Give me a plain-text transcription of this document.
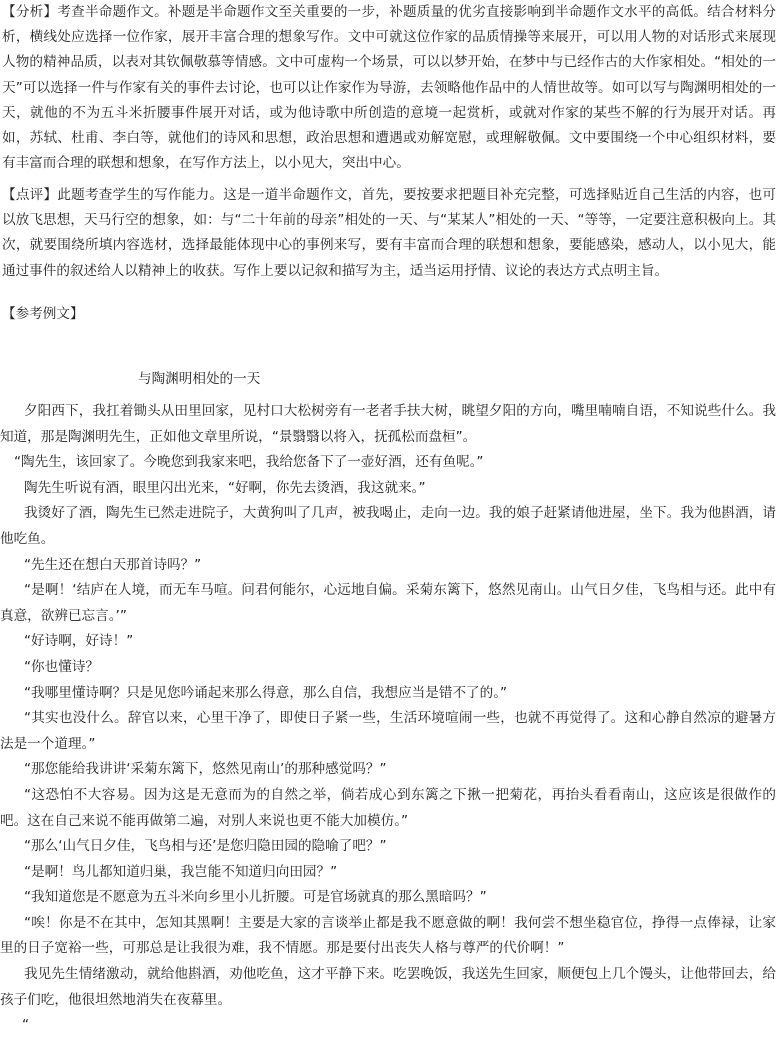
【分析】考查半命题作文。补题是半命题作文至关重要的一步，补题质量的优劣直接影响到半命题作文水平的高低。结合材料分析，横线处应选择一位作家，展开丰富合理的想象写作。文中可就这位作家的品质情操等来展开，可以用人物的对话形式来展现人物的精神品质，以表对其钦佩敬慕等情感。文中可虚构一个场景，可以以梦开始，在梦中与已经作古的大作家相处。“相处的一天”可以选择一件与作家有关的事件去讨论，也可以让作家作为导游，去领略他作品中的人情世故等。如可以写与陶渊明相处的一天，就他的不为五斗米折腰事件展开对话，或为他诗歌中所创造的意境一起赏析，或就对作家的某些不解的行为展开对话。再如，苏轼、杜甫、李白等，就他们的诗风和思想，政治思想和遭遇或劝解宽慰，或理解敬佩。文中要围绕一个中心组织材料，要有丰富而合理的联想和想象，在写作方法上，以小见大，突出中心。
【点评】此题考查学生的写作能力。这是一道半命题作文，首先，要按要求把题目补充完整，可选择贴近自己生活的内容，也可以放飞思想，天马行空的想象，如：与“二十年前的母亲”相处的一天、与“某某人”相处的一天、“等等，一定要注意积极向上。其次，就要围绕所填内容选材，选择最能体现中心的事例来写，要有丰富而合理的联想和想象，要能感染，感动人，以小见大，能通过事件的叙述给人以精神上的收获。写作上要以记叙和描写为主，适当运用抒情、议论的表达方式点明主旨。
【参考例文】
与陶渊明相处的一天

夕阳西下，我扛着锄头从田里回家，见村口大松树旁有一老者手扶大树，眺望夕阳的方向，嘴里喃喃自语，不知说些什么。我知道，那是陶渊明先生，正如他文章里所说，“景翳翳以将入，抚孤松而盘桓”。

“陶先生，该回家了。今晚您到我家来吧，我给您备下了一壶好酒，还有鱼呢。”

陶先生听说有酒，眼里闪出光来，“好啊，你先去烫酒，我这就来。”

我烫好了酒，陶先生已然走进院子，大黄狗叫了几声，被我喝止，走向一边。我的娘子赶紧请他进屋，坐下。我为他斟酒，请他吃鱼。

“先生还在想白天那首诗吗？”

“是啊！‘结庐在人境，而无车马喧。问君何能尔，心远地自偏。采菊东篱下，悠然见南山。山气日夕佳，飞鸟相与还。此中有真意，欲辨已忘言。’”

“好诗啊，好诗！”

“你也懂诗？

“我哪里懂诗啊？只是见您吟诵起来那么得意，那么自信，我想应当是错不了的。”

“其实也没什么。辞官以来，心里干净了，即使日子紧一些，生活环境喧闹一些，也就不再觉得了。这和心静自然凉的避暑方法是一个道理。”

“那您能给我讲讲‘采菊东篱下，悠然见南山’的那种感觉吗？”

“这恐怕不大容易。因为这是无意而为的自然之举，倘若成心到东篱之下揪一把菊花，再抬头看看南山，这应该是很做作的吧。这在自己来说不能再做第二遍，对别人来说也更不能大加模仿。”

“那么‘山气日夕佳，飞鸟相与还’是您归隐田园的隐喻了吧？”

“是啊！鸟儿都知道归巢，我岂能不知道归向田园？”

“我知道您是不愿意为五斗米向乡里小儿折腰。可是官场就真的那么黑暗吗？”

“唉！你是不在其中，怎知其黑啊！主要是大家的言谈举止都是我不愿意做的啊！我何尝不想坐稳官位，挣得一点俸禄，让家里的日子宽裕一些，可那总是让我很为难，我不情愿。那是要付出丧失人格与尊严的代价啊！”

我见先生情绪激动，就给他斟酒，劝他吃鱼，这才平静下来。吃罢晚饭，我送先生回家，顺便包上几个馒头，让他带回去，给孩子们吃，他很坦然地消失在夜幕里。

“
